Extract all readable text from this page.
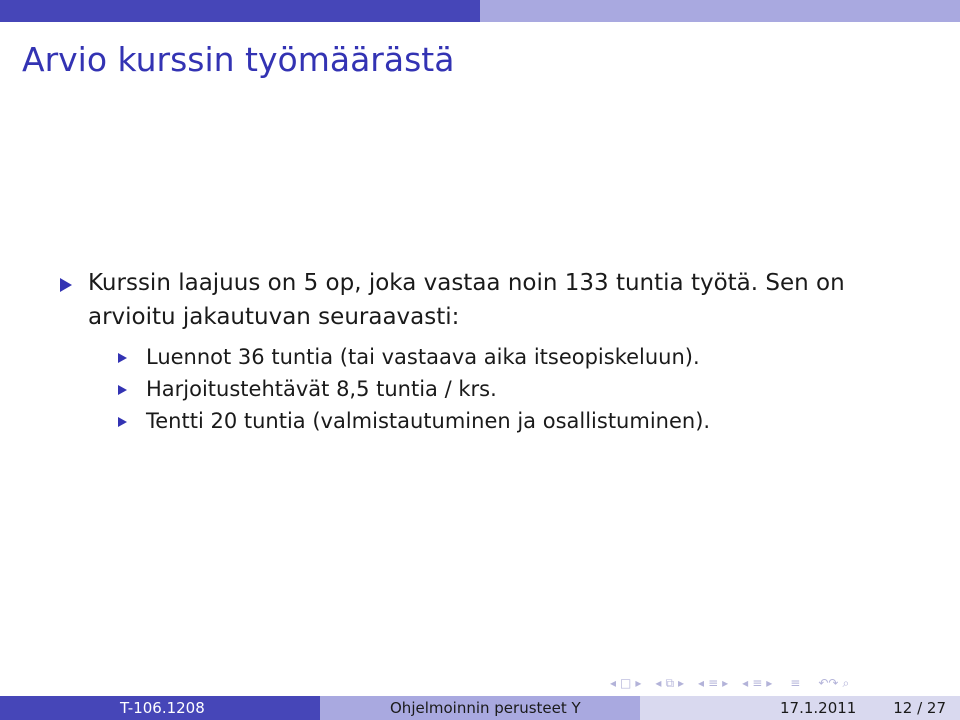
Arvio kurssin työmäärästä
Kurssin laajuus on 5 op, joka vastaa noin 133 tuntia työtä. Sen on arvioitu jakautuvan seuraavasti:
Luennot 36 tuntia (tai vastaava aika itseopiskeluun).
Harjoitustehtävät 8,5 tuntia / krs.
Tentti 20 tuntia (valmistautuminen ja osallistuminen).
◂ □ ▸ ◂ ⧉ ▸ ◂ ≡ ▸ ◂ ≡ ▸ ≡ ↶↷ ⌕
T-106.1208	Ohjelmoinnin perusteet Y	17.1.2011 12 / 27
